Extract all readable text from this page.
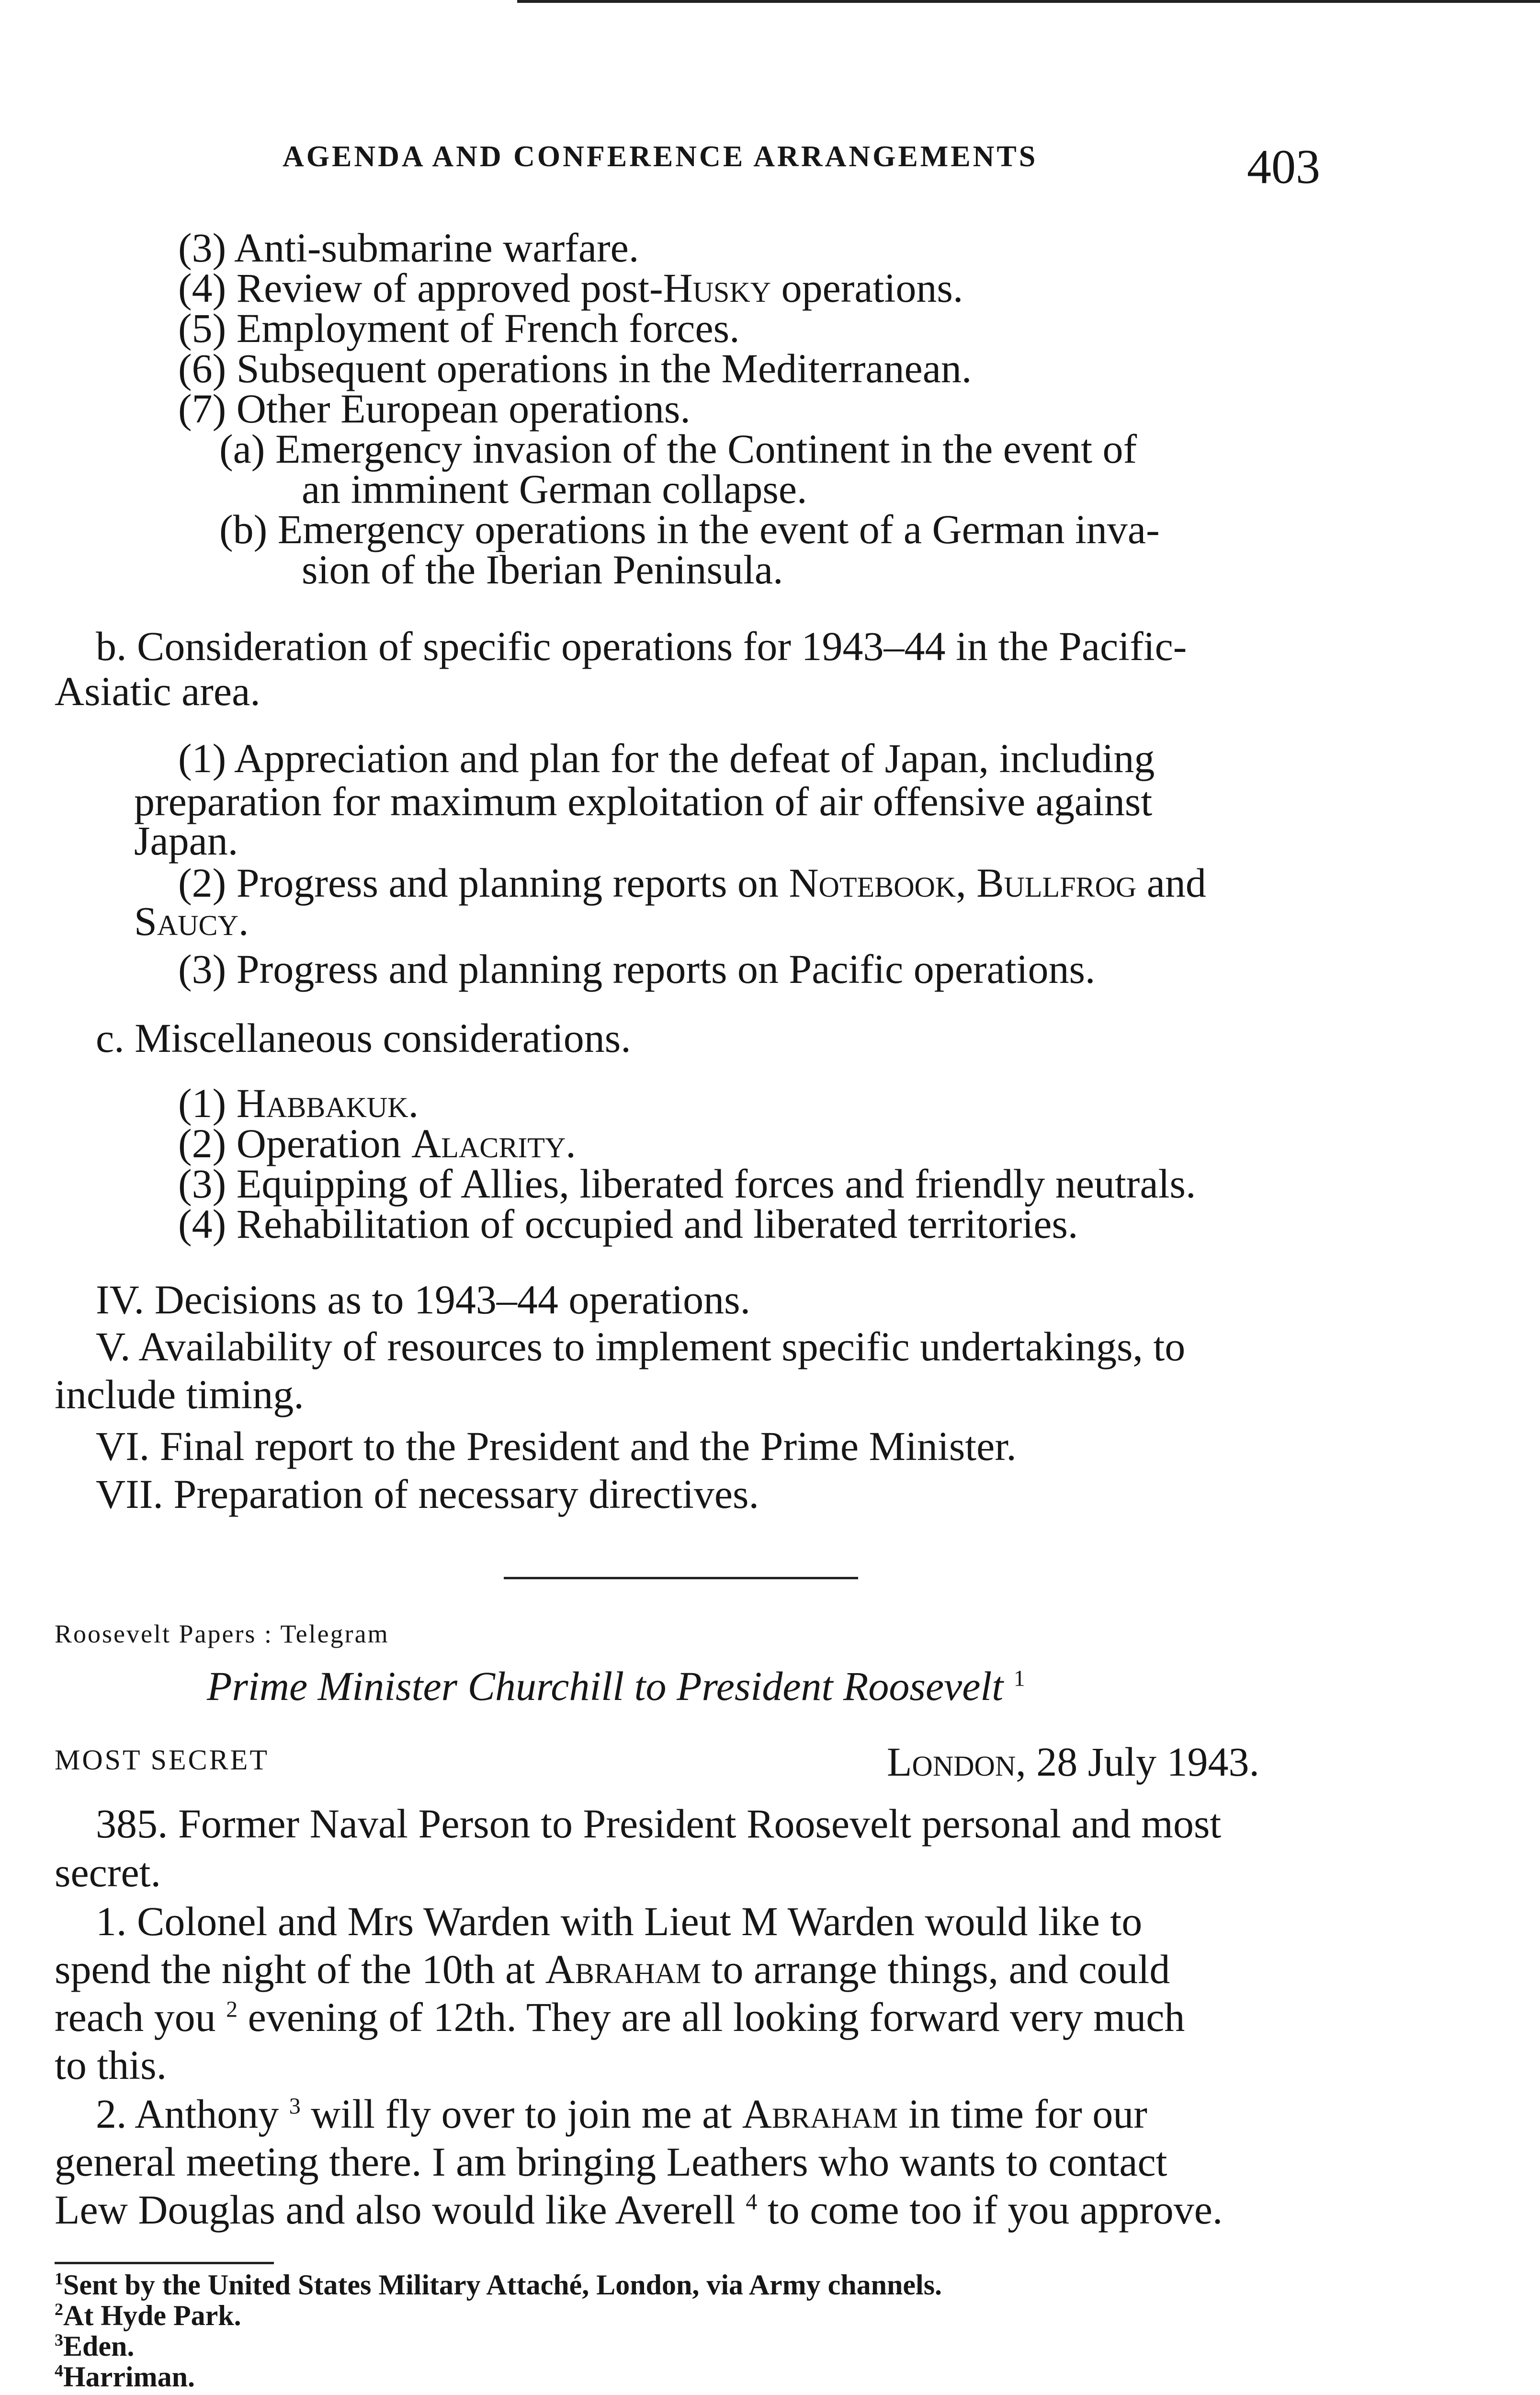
AGENDA AND CONFERENCE ARRANGEMENTS	403
(3) Anti-submarine warfare.
(4) Review of approved post-Husky operations.
(5) Employment of French forces.
(6) Subsequent operations in the Mediterranean.
(7) Other European operations.
(a) Emergency invasion of the Continent in the event of
an imminent German collapse.
(b) Emergency operations in the event of a German inva-
sion of the Iberian Peninsula.
b. Consideration of specific operations for 1943–44 in the Pacific-
Asiatic area.
(1) Appreciation and plan for the defeat of Japan, including
preparation for maximum exploitation of air offensive against
Japan.
(2) Progress and planning reports on Notebook, Bullfrog and
Saucy.
(3) Progress and planning reports on Pacific operations.
c. Miscellaneous considerations.
(1) Habbakuk.
(2) Operation Alacrity.
(3) Equipping of Allies, liberated forces and friendly neutrals.
(4) Rehabilitation of occupied and liberated territories.
IV. Decisions as to 1943–44 operations.
V. Availability of resources to implement specific undertakings, to
include timing.
VI. Final report to the President and the Prime Minister.
VII. Preparation of necessary directives.
Roosevelt Papers : Telegram
Prime Minister Churchill to President Roosevelt $^1$
MOST SECRET	London, 28 July 1943.
385. Former Naval Person to President Roosevelt personal and most
secret.
1. Colonel and Mrs Warden with Lieut M Warden would like to
spend the night of the 10th at Abraham to arrange things, and could
reach you $^2$ evening of 12th. They are all looking forward very much
to this.
2. Anthony $^3$ will fly over to join me at Abraham in time for our
general meeting there. I am bringing Leathers who wants to contact
Lew Douglas and also would like Averell $^4$ to come too if you approve.
$^1$Sent by the United States Military Attaché, London, via Army channels.
$^2$At Hyde Park.
$^3$Eden.
$^4$Harriman.
